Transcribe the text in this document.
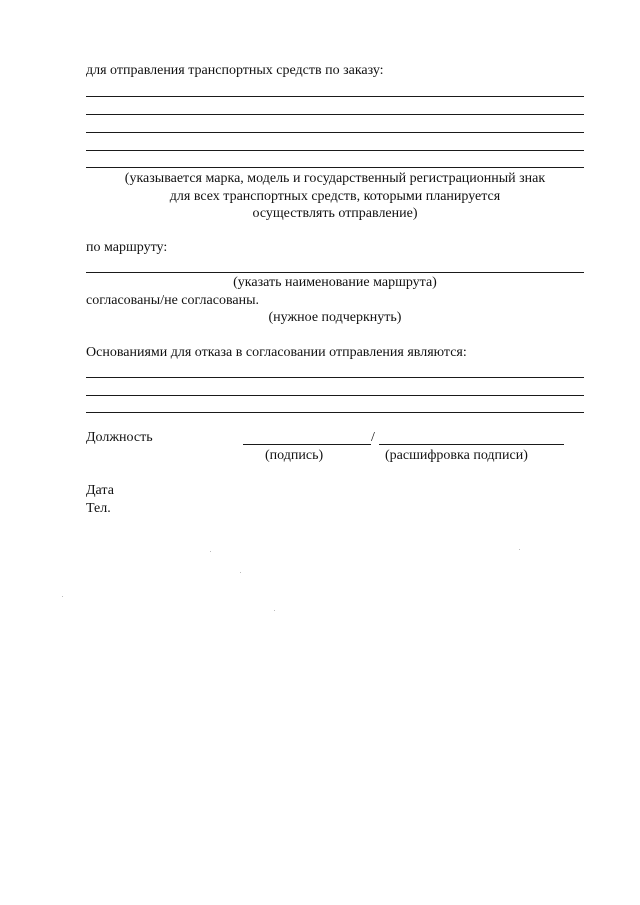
для отправления транспортных средств по заказу:
(указывается марка, модель и государственный регистрационный знак
для всех транспортных средств, которыми планируется
осуществлять отправление)
по маршруту:
(указать наименование маршрута)
согласованы/не согласованы.
(нужное подчеркнуть)
Основаниями для отказа в согласовании отправления являются:
Должность	/
(подпись)	(расшифровка подписи)
Дата
Тел.
